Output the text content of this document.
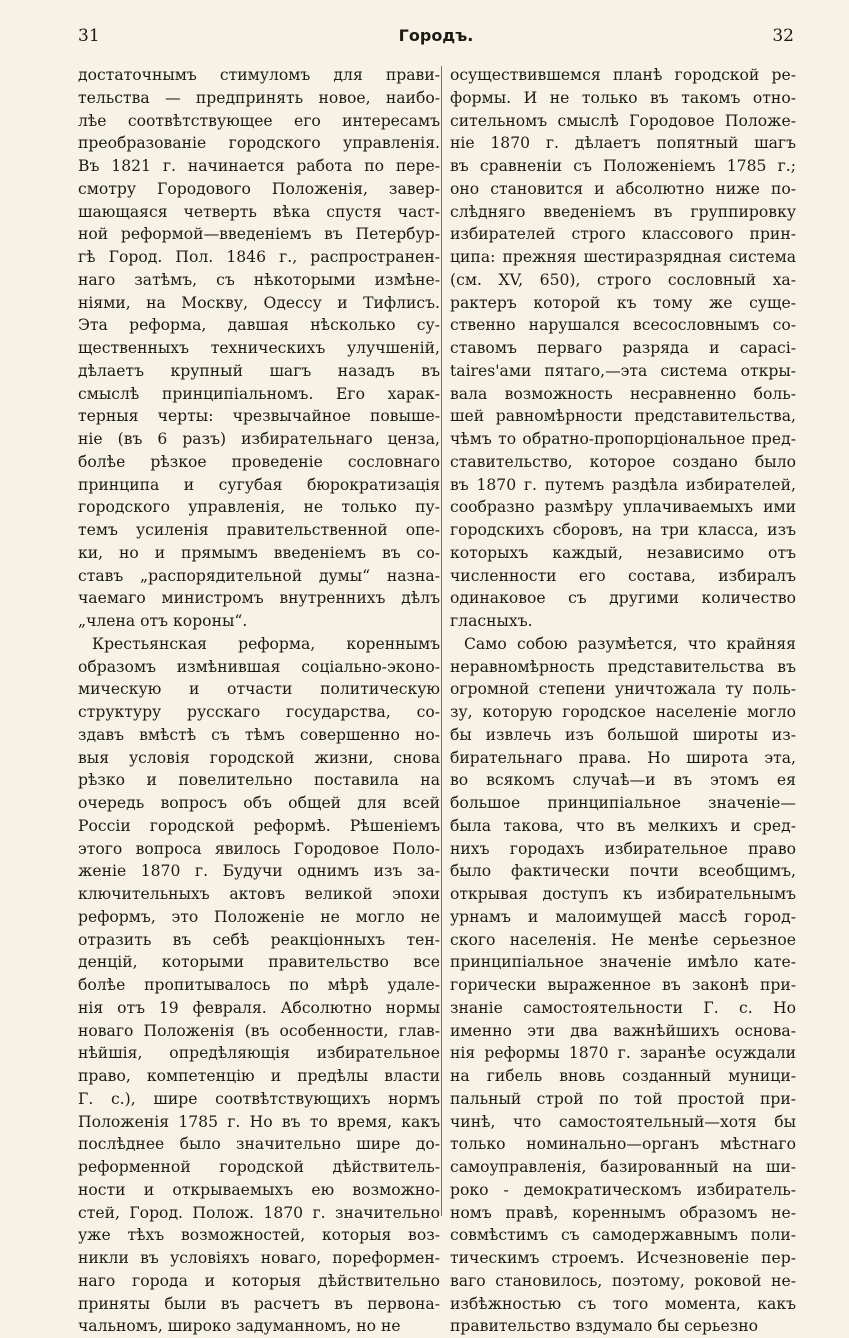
31	Городъ.	32
достаточнымъ стимуломъ для прави-
тельства — предпринять новое, наибо-
лѣе соотвѣтствующее его интересамъ
преобразованіе городского управленія.
Въ 1821 г. начинается работа по пере-
смотру Городового Положенія, завер-
шающаяся четверть вѣка спустя част-
ной реформой—введеніемъ въ Петербур-
гѣ Город. Пол. 1846 г., распространен-
наго затѣмъ, съ нѣкоторыми измѣне-
ніями, на Москву, Одессу и Тифлисъ.
Эта реформа, давшая нѣсколько су-
щественныхъ техническихъ улучшеній,
дѣлаетъ крупный шагъ назадъ въ
смыслѣ принципіальномъ. Его харак-
терныя черты: чрезвычайное повыше-
ніе (въ 6 разъ) избирательнаго ценза,
болѣе рѣзкое проведеніе сословнаго
принципа и сугубая бюрократизація
городского управленія, не только пу-
темъ усиленія правительственной опе-
ки, но и прямымъ введеніемъ въ со-
ставъ „распорядительной думы“ назна-
чаемаго министромъ внутреннихъ дѣлъ
„члена отъ короны“.
Крестьянская реформа, кореннымъ
образомъ измѣнившая соціально-эконо-
мическую и отчасти политическую
структуру русскаго государства, со-
здавъ вмѣстѣ съ тѣмъ совершенно но-
выя условія городской жизни, снова
рѣзко и повелительно поставила на
очередь вопросъ объ общей для всей
Россіи городской реформѣ. Рѣшеніемъ
этого вопроса явилось Городовое Поло-
женіе 1870 г. Будучи однимъ изъ за-
ключительныхъ актовъ великой эпохи
реформъ, это Положеніе не могло не
отразить въ себѣ реакціонныхъ тен-
денцій, которыми правительство все
болѣе пропитывалось по мѣрѣ удале-
нія отъ 19 февраля. Абсолютно нормы
новаго Положенія (въ особенности, глав-
нѣйшія, опредѣляющія избирательное
право, компетенцію и предѣлы власти
Г. с.), шире соотвѣтствующихъ нормъ
Положенія 1785 г. Но въ то время, какъ
послѣднее было значительно шире до-
реформенной городской дѣйствитель-
ности и открываемыхъ ею возможно-
стей, Город. Полож. 1870 г. значительно
уже тѣхъ возможностей, которыя воз-
никли въ условіяхъ новаго, пореформен-
наго города и которыя дѣйствительно
приняты были въ расчетъ въ первона-
чальномъ, широко задуманномъ, но не
осуществившемся планѣ городской ре-
формы. И не только въ такомъ отно-
сительномъ смыслѣ Городовое Положе-
ніе 1870 г. дѣлаетъ попятный шагъ
въ сравненіи съ Положеніемъ 1785 г.;
оно становится и абсолютно ниже по-
слѣдняго введеніемъ въ группировку
избирателей строго классового прин-
ципа: прежняя шестиразрядная система
(см. XV, 650), строго сословный ха-
рактеръ которой къ тому же суще-
ственно нарушался всесословнымъ со-
ставомъ перваго разряда и сараci-
taires'ами пятаго,—эта система откры-
вала возможность несравненно боль-
шей равномѣрности представительства,
чѣмъ то обратно-пропорціональное пред-
ставительство, которое создано было
въ 1870 г. путемъ раздѣла избирателей,
сообразно размѣру уплачиваемыхъ ими
городскихъ сборовъ, на три класса, изъ
которыхъ каждый, независимо отъ
численности его состава, избиралъ
одинаковое съ другими количество
гласныхъ.
Само собою разумѣется, что крайняя
неравномѣрность представительства въ
огромной степени уничтожала ту поль-
зу, которую городское населеніе могло
бы извлечь изъ большой широты из-
бирательнаго права. Но широта эта,
во всякомъ случаѣ—и въ этомъ ея
большое принципіальное значеніе—
была такова, что въ мелкихъ и сред-
нихъ городахъ избирательное право
было фактически почти всеобщимъ,
открывая доступъ къ избирательнымъ
урнамъ и малоимущей массѣ город-
ского населенія. Не менѣе серьезное
принципіальное значеніе имѣло кате-
горически выраженное въ законѣ при-
знаніе самостоятельности Г. с. Но
именно эти два важнѣйшихъ основа-
нія реформы 1870 г. заранѣе осуждали
на гибель вновь созданный муници-
пальный строй по той простой при-
чинѣ, что самостоятельный—хотя бы
только номинально—органъ мѣстнаго
самоуправленія, базированный на ши-
роко - демократическомъ избиратель-
номъ правѣ, кореннымъ образомъ не-
совмѣстимъ съ самодержавнымъ поли-
тическимъ строемъ. Исчезновеніе пер-
ваго становилось, поэтому, роковой не-
избѣжностью съ того момента, какъ
правительство вздумало бы серьезно
